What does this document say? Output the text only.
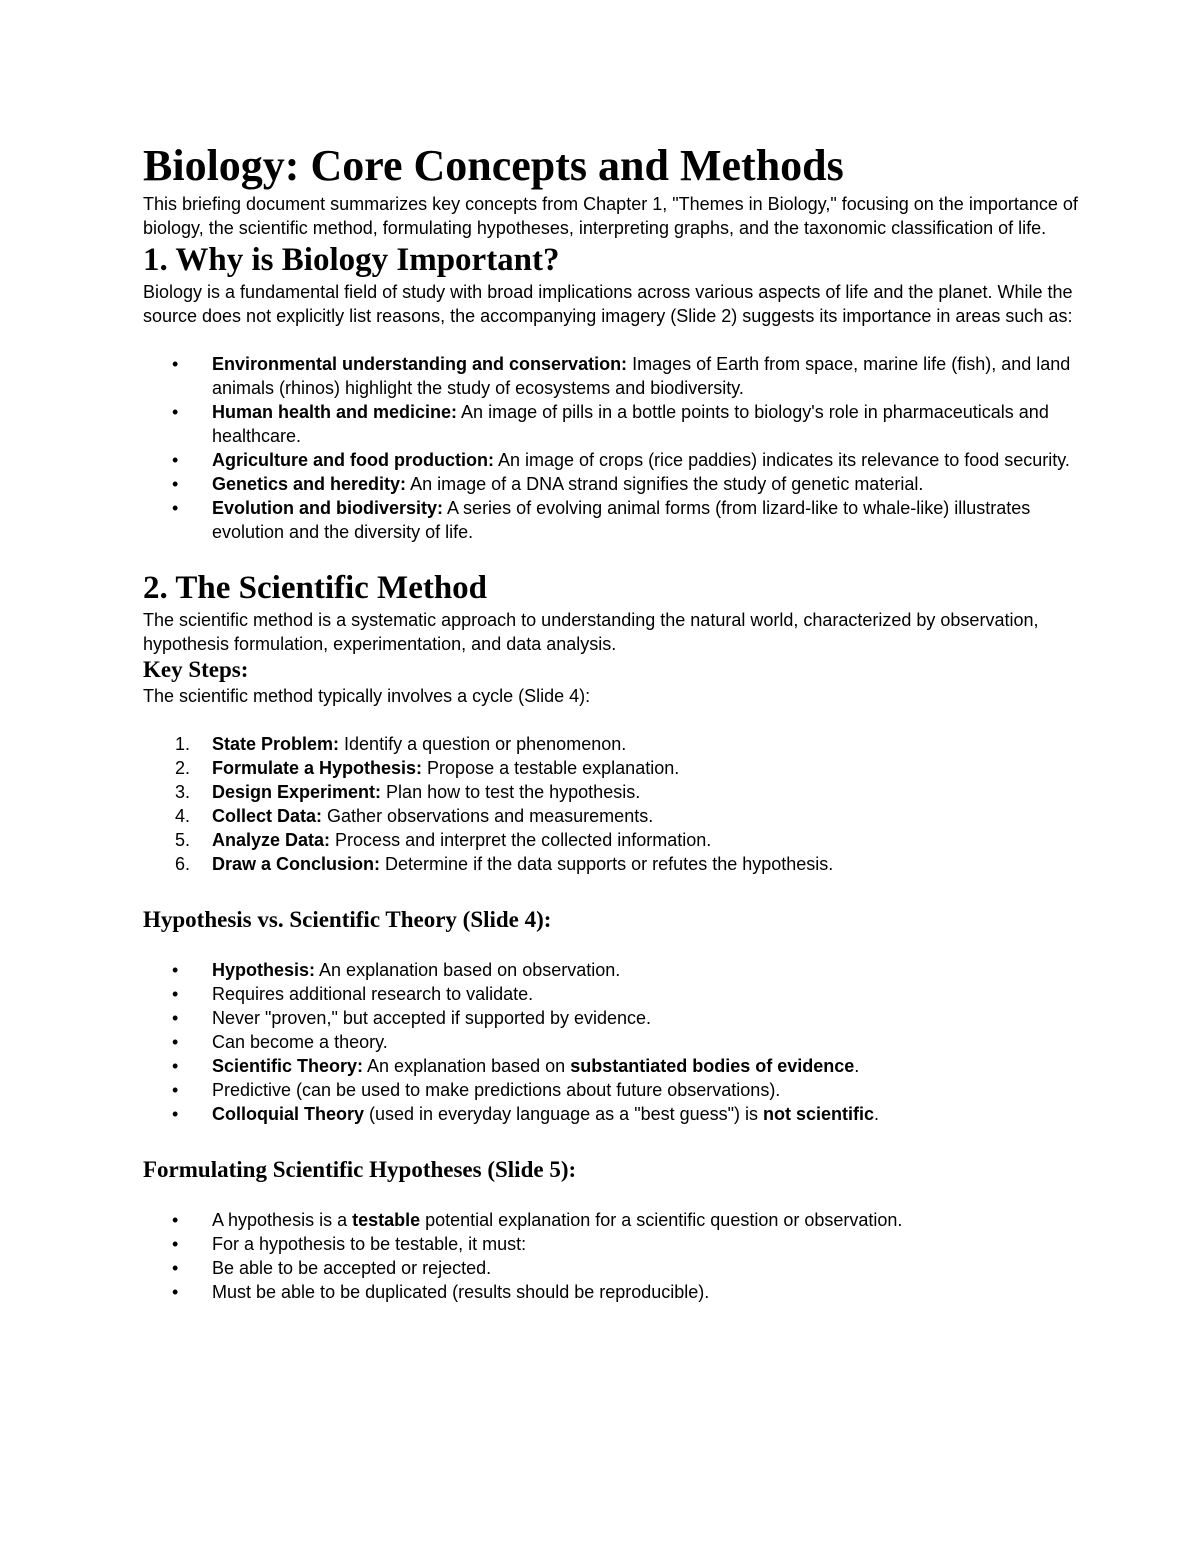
Biology: Core Concepts and Methods

This briefing document summarizes key concepts from Chapter 1, "Themes in Biology," focusing on the importance of biology, the scientific method, formulating hypotheses, interpreting graphs, and the taxonomic classification of life.

1. Why is Biology Important?

Biology is a fundamental field of study with broad implications across various aspects of life and the planet. While the source does not explicitly list reasons, the accompanying imagery (Slide 2) suggests its importance in areas such as:

• Environmental understanding and conservation: Images of Earth from space, marine life (fish), and land animals (rhinos) highlight the study of ecosystems and biodiversity.
• Human health and medicine: An image of pills in a bottle points to biology's role in pharmaceuticals and healthcare.
• Agriculture and food production: An image of crops (rice paddies) indicates its relevance to food security.
• Genetics and heredity: An image of a DNA strand signifies the study of genetic material.
• Evolution and biodiversity: A series of evolving animal forms (from lizard-like to whale-like) illustrates evolution and the diversity of life.
2. The Scientific Method

The scientific method is a systematic approach to understanding the natural world, characterized by observation, hypothesis formulation, experimentation, and data analysis.

Key Steps:

The scientific method typically involves a cycle (Slide 4):

1. State Problem: Identify a question or phenomenon.
2. Formulate a Hypothesis: Propose a testable explanation.
3. Design Experiment: Plan how to test the hypothesis.
4. Collect Data: Gather observations and measurements.
5. Analyze Data: Process and interpret the collected information.
6. Draw a Conclusion: Determine if the data supports or refutes the hypothesis.
Hypothesis vs. Scientific Theory (Slide 4):
• Hypothesis: An explanation based on observation.
• Requires additional research to validate.
• Never "proven," but accepted if supported by evidence.
• Can become a theory.
• Scientific Theory: An explanation based on substantiated bodies of evidence.
• Predictive (can be used to make predictions about future observations).
• Colloquial Theory (used in everyday language as a "best guess") is not scientific.
Formulating Scientific Hypotheses (Slide 5):
• A hypothesis is a testable potential explanation for a scientific question or observation.
• For a hypothesis to be testable, it must:
• Be able to be accepted or rejected.
• Must be able to be duplicated (results should be reproducible).
